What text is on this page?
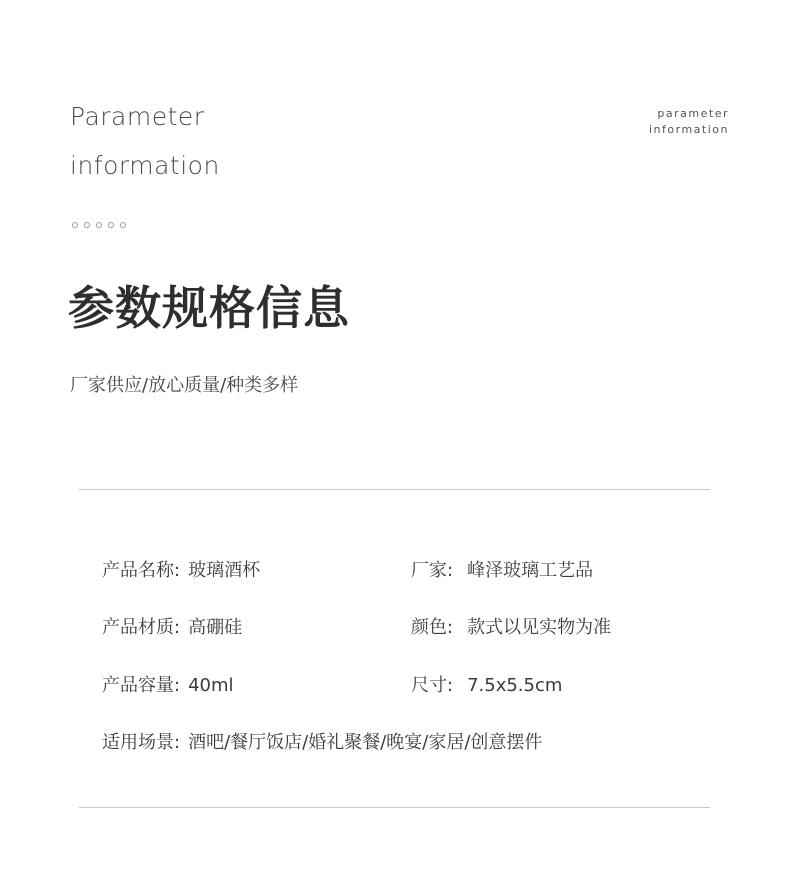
Parameter
information
parameter
information
参数规格信息
厂家供应/放心质量/种类多样
产品名称: 玻璃酒杯	厂家: 峰泽玻璃工艺品
产品材质: 高硼硅	颜色: 款式以见实物为准
产品容量: 40ml	尺寸: 7.5x5.5cm
适用场景: 酒吧/餐厅饭店/婚礼聚餐/晚宴/家居/创意摆件
